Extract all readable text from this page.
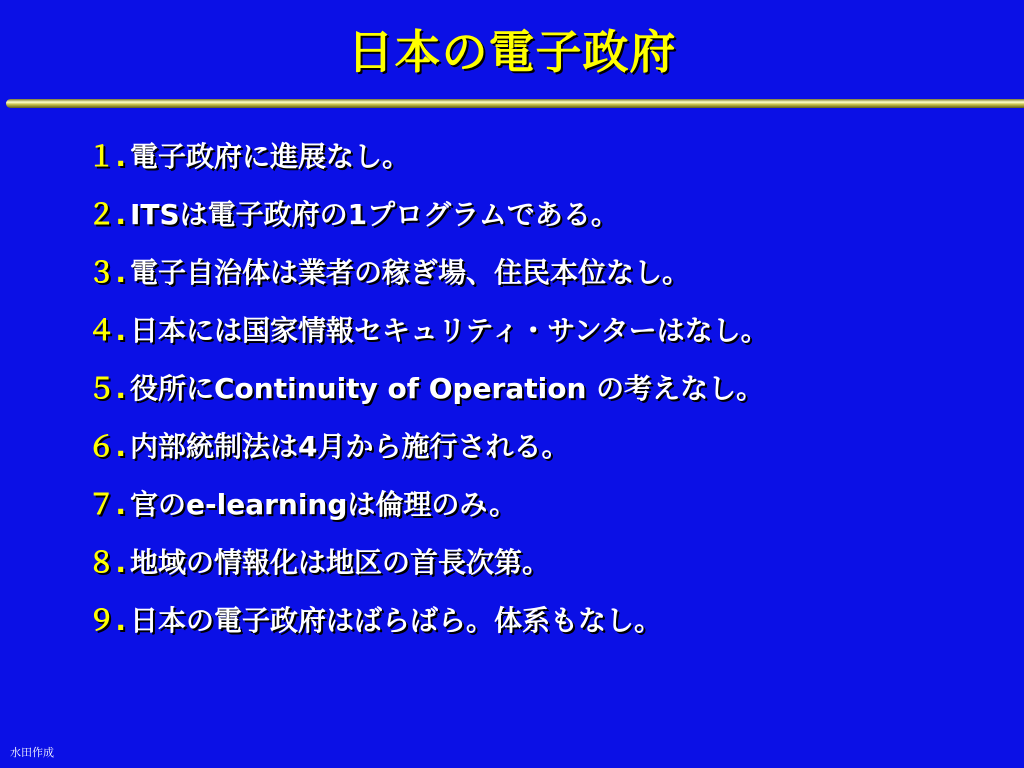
日本の電子政府
１. 電子政府に進展なし。
２. ITSは電子政府の1プログラムである。
３. 電子自治体は業者の稼ぎ場、住民本位なし。
４. 日本には国家情報セキュリティ・サンターはなし。
５. 役所にContinuity of Operation の考えなし。
６. 内部統制法は4月から施行される。
７. 官のe-learningは倫理のみ。
８. 地域の情報化は地区の首長次第。
９. 日本の電子政府はばらばら。体系もなし。
水田作成
